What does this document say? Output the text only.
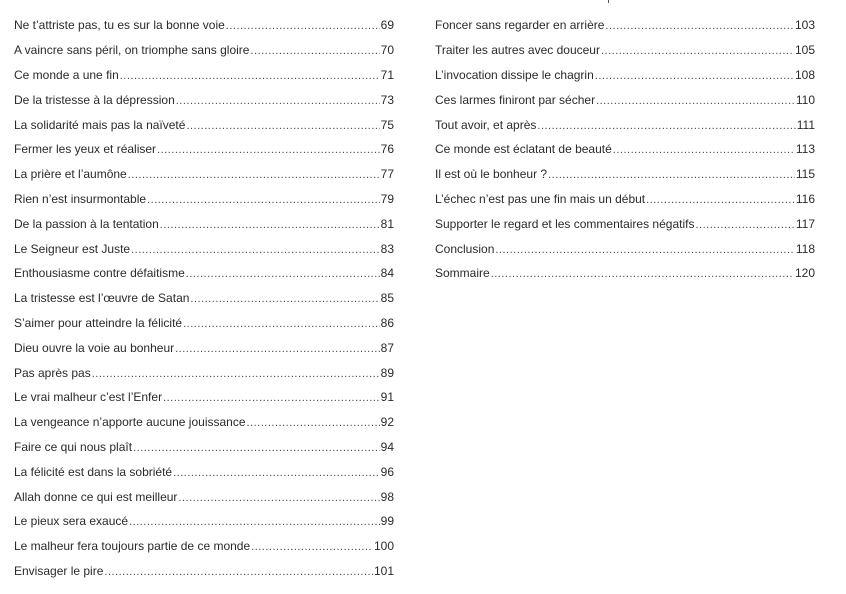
Ne t’attriste pas, tu es sur la bonne voie .....	69
A vaincre sans péril, on triomphe sans gloire .....	70
Ce monde a une fin .....	71
De la tristesse à la dépression .....	73
La solidarité mais pas la naïveté .....	75
Fermer les yeux et réaliser .....	76
La prière et l’aumône .....	77
Rien n’est insurmontable .....	79
De la passion à la tentation .....	81
Le Seigneur est Juste .....	83
Enthousiasme contre défaitisme .....	84
La tristesse est l’œuvre de Satan .....	85
S’aimer pour atteindre la félicité .....	86
Dieu ouvre la voie au bonheur .....	87
Pas après pas .....	89
Le vrai malheur c’est l’Enfer .....	91
La vengeance n’apporte aucune jouissance .....	92
Faire ce qui nous plaît .....	94
La félicité est dans la sobriété .....	96
Allah donne ce qui est meilleur .....	98
Le pieux sera exaucé .....	99
Le malheur fera toujours partie de ce monde .....	100
Envisager le pire .....	101
Foncer sans regarder en arrière .....	103
Traiter les autres avec douceur .....	105
L’invocation dissipe le chagrin .....	108
Ces larmes finiront par sécher .....	110
Tout avoir, et après .....	111
Ce monde est éclatant de beauté .....	113
Il est où le bonheur ? .....	115
L’échec n’est pas une fin mais un début .....	116
Supporter le regard et les commentaires négatifs .....	117
Conclusion .....	118
Sommaire .....	120
